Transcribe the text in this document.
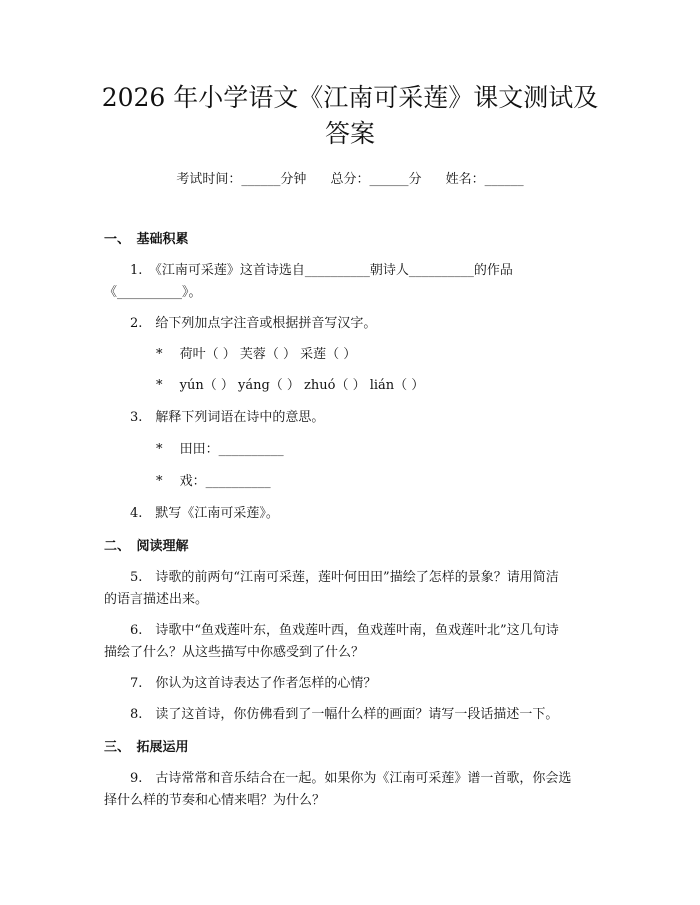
2026 年小学语文《江南可采莲》课文测试及
答案
考试时间：______分钟 总分：______分 姓名：______
一、　基础积累
1.　《江南可采莲》这首诗选自__________朝诗人__________的作品
《__________》。
2.　给下列加点字注音或根据拼音写汉字。
*　 荷叶（ ） 芙蓉（ ） 采莲（ ）
*　 yún（ ） yáng（ ） zhuó（ ） lián（ ）
3.　解释下列词语在诗中的意思。
*　 田田：__________
*　 戏：__________
4.　默写《江南可采莲》。
二、　阅读理解
5.　诗歌的前两句“江南可采莲，莲叶何田田”描绘了怎样的景象？请用简洁
的语言描述出来。
6.　诗歌中“鱼戏莲叶东，鱼戏莲叶西，鱼戏莲叶南，鱼戏莲叶北”这几句诗
描绘了什么？从这些描写中你感受到了什么？
7.　你认为这首诗表达了作者怎样的心情？
8.　读了这首诗，你仿佛看到了一幅什么样的画面？请写一段话描述一下。
三、　拓展运用
9.　古诗常常和音乐结合在一起。如果你为《江南可采莲》谱一首歌，你会选
择什么样的节奏和心情来唱？为什么？
